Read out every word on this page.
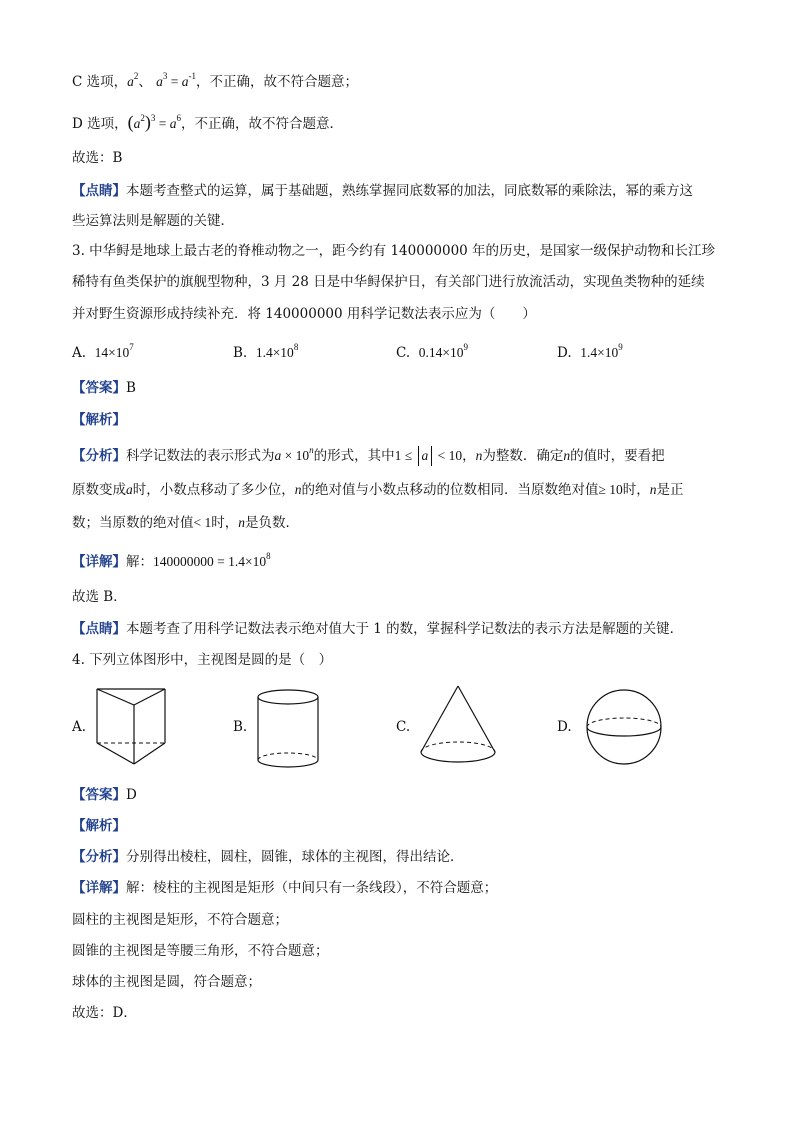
C 选项，$a^2$、 $a^3 = a^{-1}$，不正确，故不符合题意；
D 选项，$(a^2)^3 = a^6$，不正确，故不符合题意．
故选：B
【点睛】本题考查整式的运算，属于基础题，熟练掌握同底数幂的加法，同底数幂的乘除法，幂的乘方这
些运算法则是解题的关键．
3. 中华鲟是地球上最古老的脊椎动物之一，距今约有 140000000 年的历史，是国家一级保护动物和长江珍
稀特有鱼类保护的旗舰型物种，3 月 28 日是中华鲟保护日，有关部门进行放流活动，实现鱼类物种的延续
并对野生资源形成持续补充．将 140000000 用科学记数法表示应为（　　）
A. $14\times 10^7$	B. $1.4\times 10^8$	C. $0.14\times 10^9$	D. $1.4\times 10^9$
【答案】B
【解析】
【分析】科学记数法的表示形式为$a \times 10^n$的形式，其中1 ≤ a < 10，n为整数．确定n的值时，要看把
原数变成a时，小数点移动了多少位，n的绝对值与小数点移动的位数相同．当原数绝对值≥ 10时，n是正
数；当原数的绝对值< 1时，n是负数．
【详解】解：$140000000 = 1.4\times 10^8$
故选 B．
【点睛】本题考查了用科学记数法表示绝对值大于 1 的数，掌握科学记数法的表示方法是解题的关键．
4. 下列立体图形中，主视图是圆的是（　）
A.	B.	C.	D.
【答案】D
【解析】
【分析】分别得出棱柱，圆柱，圆锥，球体的主视图，得出结论．
【详解】解：棱柱的主视图是矩形（中间只有一条线段），不符合题意；
圆柱的主视图是矩形，不符合题意；
圆锥的主视图是等腰三角形，不符合题意；
球体的主视图是圆，符合题意；
故选：D．
